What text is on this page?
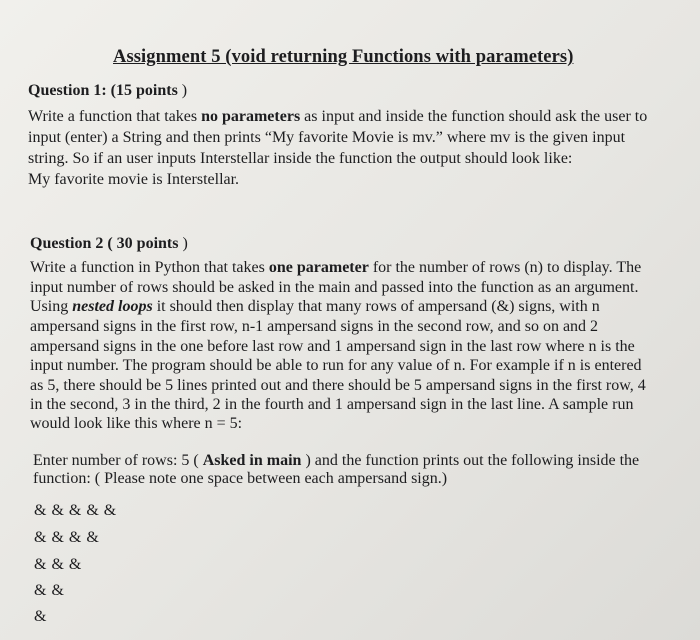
Assignment 5 (void returning Functions with parameters)
Question 1: (15 points )
Write a function that takes no parameters as input and inside the function should ask the user to
input (enter) a String and then prints “My favorite Movie is mv.” where mv is the given input
string. So if an user inputs Interstellar inside the function the output should look like:
My favorite movie is Interstellar.
Question 2 ( 30 points )
Write a function in Python that takes one parameter for the number of rows (n) to display. The
input number of rows should be asked in the main and passed into the function as an argument.
Using nested loops it should then display that many rows of ampersand (&) signs, with n
ampersand signs in the first row, n-1 ampersand signs in the second row, and so on and 2
ampersand signs in the one before last row and 1 ampersand sign in the last row where n is the
input number. The program should be able to run for any value of n. For example if n is entered
as 5, there should be 5 lines printed out and there should be 5 ampersand signs in the first row, 4
in the second, 3 in the third, 2 in the fourth and 1 ampersand sign in the last line. A sample run
would look like this where n = 5:
Enter number of rows: 5 ( Asked in main ) and the function prints out the following inside the
function: ( Please note one space between each ampersand sign.)
& & & & &
& & & &
& & &
& &
&
